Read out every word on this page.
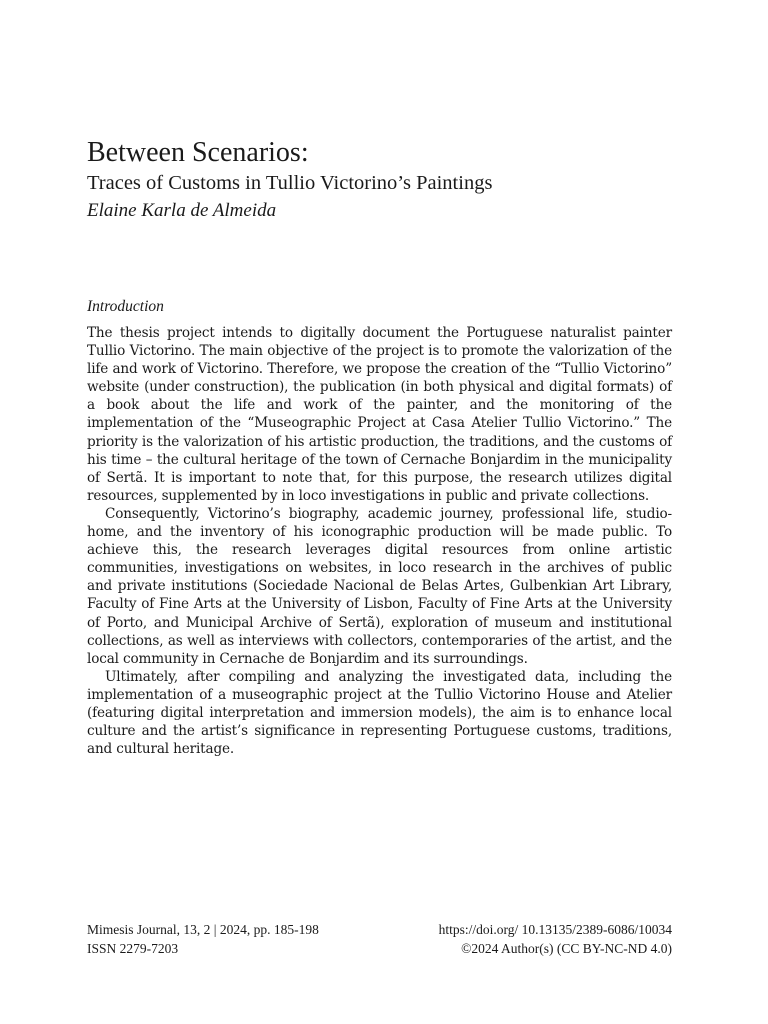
Between Scenarios:
Traces of Customs in Tullio Victorino’s Paintings
Elaine Karla de Almeida
Introduction

The thesis project intends to digitally document the Portuguese naturalist painter Tullio Victorino. The main objective of the project is to promote the valorization of the life and work of Victorino. Therefore, we propose the creation of the “Tullio Victorino” website (under construction), the publication (in both physical and digital formats) of a book about the life and work of the painter, and the monitoring of the implementation of the “Museographic Project at Casa Atelier Tullio Victorino.” The priority is the valorization of his artistic production, the traditions, and the customs of his time – the cultural heritage of the town of Cernache Bonjardim in the municipality of Sertã. It is important to note that, for this purpose, the research utilizes digital resources, supplemented by in loco investigations in public and private collections.

Consequently, Victorino’s biography, academic journey, professional life, studio-home, and the inventory of his iconographic production will be made public. To achieve this, the research leverages digital resources from online artistic communities, investigations on websites, in loco research in the archives of public and private institutions (Sociedade Nacional de Belas Artes, Gulbenkian Art Library, Faculty of Fine Arts at the University of Lisbon, Faculty of Fine Arts at the University of Porto, and Municipal Archive of Sertã), exploration of museum and institutional collections, as well as interviews with collectors, contemporaries of the artist, and the local community in Cernache de Bonjardim and its surroundings.

Ultimately, after compiling and analyzing the investigated data, including the implementation of a museographic project at the Tullio Victorino House and Atelier (featuring digital interpretation and immersion models), the aim is to enhance local culture and the artist’s significance in representing Portuguese customs, traditions, and cultural heritage.

Mimesis Journal, 13, 2 | 2024, pp. 185-198	https://doi.org/ 10.13135/2389-6086/10034
ISSN 2279-7203	©2024 Author(s) (CC BY-NC-ND 4.0)
